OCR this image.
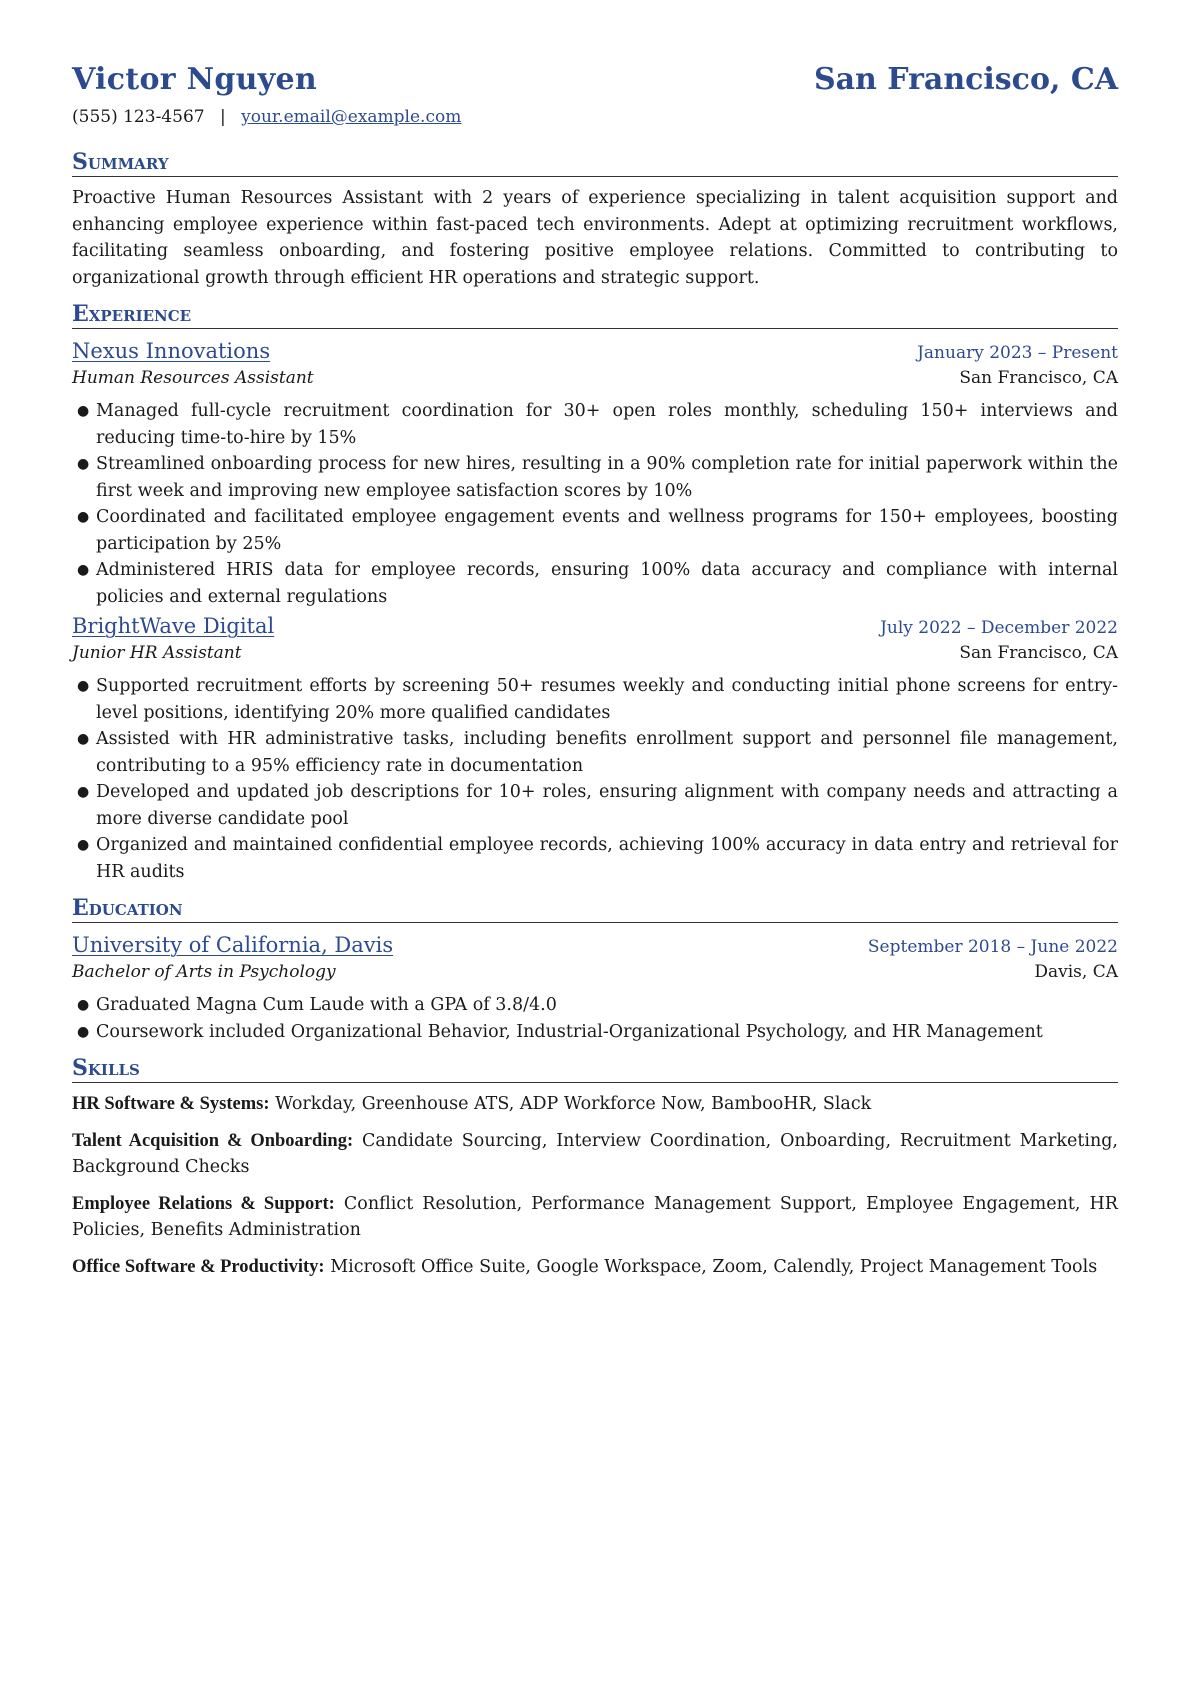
Victor Nguyen	San Francisco, CA
(555) 123-4567 | your.email@example.com
Summary
Proactive Human Resources Assistant with 2 years of experience specializing in talent acquisition support and enhancing employee experience within fast-paced tech environments. Adept at optimizing recruitment workflows, facilitating seamless onboarding, and fostering positive employee relations. Committed to contributing to organizational growth through efficient HR operations and strategic support.
Experience
Nexus Innovations	January 2023 – Present
Human Resources Assistant	San Francisco, CA
● Managed full-cycle recruitment coordination for 30+ open roles monthly, scheduling 150+ interviews and reducing time-to-hire by 15%
● Streamlined onboarding process for new hires, resulting in a 90% completion rate for initial paperwork within the first week and improving new employee satisfaction scores by 10%
● Coordinated and facilitated employee engagement events and wellness programs for 150+ employees, boosting participation by 25%
● Administered HRIS data for employee records, ensuring 100% data accuracy and compliance with internal policies and external regulations
BrightWave Digital	July 2022 – December 2022
Junior HR Assistant	San Francisco, CA
● Supported recruitment efforts by screening 50+ resumes weekly and conducting initial phone screens for entry-level positions, identifying 20% more qualified candidates
● Assisted with HR administrative tasks, including benefits enrollment support and personnel file management, contributing to a 95% efficiency rate in documentation
● Developed and updated job descriptions for 10+ roles, ensuring alignment with company needs and attracting a more diverse candidate pool
● Organized and maintained confidential employee records, achieving 100% accuracy in data entry and retrieval for HR audits
Education
University of California, Davis	September 2018 – June 2022
Bachelor of Arts in Psychology	Davis, CA
● Graduated Magna Cum Laude with a GPA of 3.8/4.0
● Coursework included Organizational Behavior, Industrial-Organizational Psychology, and HR Management
Skills
HR Software & Systems: Workday, Greenhouse ATS, ADP Workforce Now, BambooHR, Slack
Talent Acquisition & Onboarding: Candidate Sourcing, Interview Coordination, Onboarding, Recruitment Marketing, Background Checks
Employee Relations & Support: Conflict Resolution, Performance Management Support, Employee Engagement, HR Policies, Benefits Administration
Office Software & Productivity: Microsoft Office Suite, Google Workspace, Zoom, Calendly, Project Management Tools
